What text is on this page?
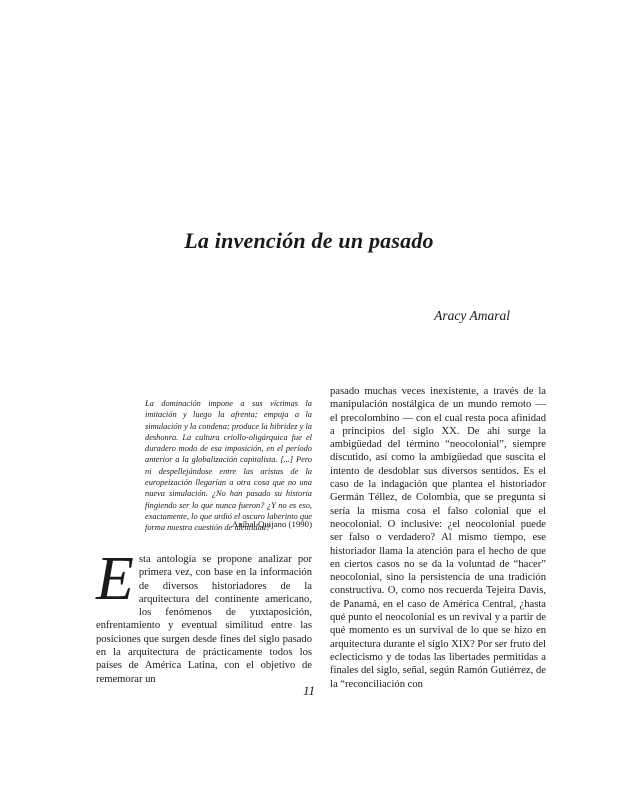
La invención de un pasado
Aracy Amaral
La dominación impone a sus víctimas la imitación y luego la afrenta; empuja a la simulación y la condena; produce la hibridez y la deshonra. La cultura criollo-oligárquica fue el duradero modo de esa imposición, en el período anterior a la globalización capitalista. [...] Pero ni despellejándose entre las aristas de la europeización llegarían a otra cosa que no una nueva simulación. ¿No han pasado su historia fingiendo ser lo que nunca fueron? ¿Y no es eso, exactamente, lo que urdió el oscuro laberinto que forma nuestra cuestión de identidad?
Aníbal Quijano (1990)
Esta antología se propone analizar por primera vez, con base en la información de diversos historiadores de la arquitectura del continente americano, los fenómenos de yuxtaposición, enfrentamiento y eventual similitud entre las posiciones que surgen desde fines del siglo pasado en la arquitectura de prácticamente todos los países de América Latina, con el objetivo de rememorar un
pasado muchas veces inexistente, a través de la manipulación nostálgica de un mundo remoto — el precolombino — con el cual resta poca afinidad a principios del siglo XX. De ahí surge la ambigüedad del término “neocolonial”, siempre discutido, así como la ambigüedad que suscita el intento de desdoblar sus diversos sentidos. Es el caso de la indagación que plantea el historiador Germán Téllez, de Colombia, que se pregunta si sería la misma cosa el falso colonial que el neocolonial. O inclusive: ¿el neocolonial puede ser falso o verdadero? Al mismo tiempo, ese historiador llama la atención para el hecho de que en ciertos casos no se da la voluntad de “hacer” neocolonial, sino la persistencia de una tradición constructiva. O, como nos recuerda Tejeira Davis, de Panamá, en el caso de América Central, ¿hasta qué punto el neocolonial es un revival y a partir de qué momento es un survival de lo que se hizo en arquitectura durante el siglo XIX? Por ser fruto del eclecticismo y de todas las libertades permitidas a finales del siglo, señal, según Ramón Gutiérrez, de la “reconciliación con
11
